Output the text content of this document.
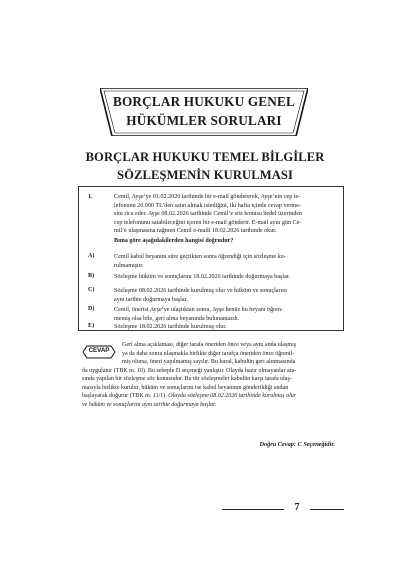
BORÇLAR HUKUKU GENEL
HÜKÜMLER SORULARI
BORÇLAR HUKUKU TEMEL BİLGİLER
SÖZLEŞMENİN KURULMASI
1.	Cemil, Ayşe’ye 01.02.2026 tarihinde bir e-mail göndererek, Ayşe’nin cep te-
lefonunu 20.000 TL’den satın almak istediğini, iki hafta içinde cevap verme-
sini rica eder. Ayşe 08.02.2026 tarihinde Cemil’e söz konusu bedel üzerinden
cep telefonunu satabileceğini içeren bir e-mail gönderir. E-mail aynı gün Ce-
mil’e ulaşmasına rağmen Cemil e-maili 18.02.2026 tarihinde okur.
Buna göre aşağıdakilerden hangisi doğrudur?
A)	Cemil kabul beyanını süre geçtikten sonra öğrendiği için sözleşme ku-
rulmamıştır.
B)	Sözleşme hüküm ve sonuçlarını 18.02.2026 tarihinde doğurmaya başlar.
C)	Sözleşme 08.02.2026 tarihinde kurulmuş olur ve hüküm ve sonuçlarını
aynı tarihte doğurmaya başlar.
D)	Cemil, önerisi Ayşe’ye ulaştıktan sonra, Ayşe henüz bu beyanı öğren-
memiş olsa bile, geri alma beyanında bulunamazdı.
E)	Sözleşme 18.02.2026 tarihinde kurulmuş olur.
CEVAP
Geri alma açıklaması, diğer tarafa öneriden önce veya aynı anda ulaşmış
ya da daha sonra ulaşmakla birlikte diğer tarafça öneriden önce öğrenil-
miş olursa, öneri yapılmamış sayılır. Bu kural, kabulün geri alınmasında
da uygulanır (TBK m. 10). Bu sebeple D seçeneği yanlıştır. Olayda hazır olmayanlar ara-
sında yapılan bir sözleşme söz konusudur. Bu tür sözleşmeler kabulün karşı tarafa ulaş-
masıyla birlikte kurulur, hüküm ve sonuçlarını ise kabul beyanının gönderildiği andan
başlayarak doğurur (TBK m. 11/1). Olayda sözleşme 08.02.2026 tarihinde kurulmuş olur
ve hüküm ve sonuçlarını aynı tarihte doğurmaya başlar.
Doğru Cevap: C Seçeneğidir.
7
